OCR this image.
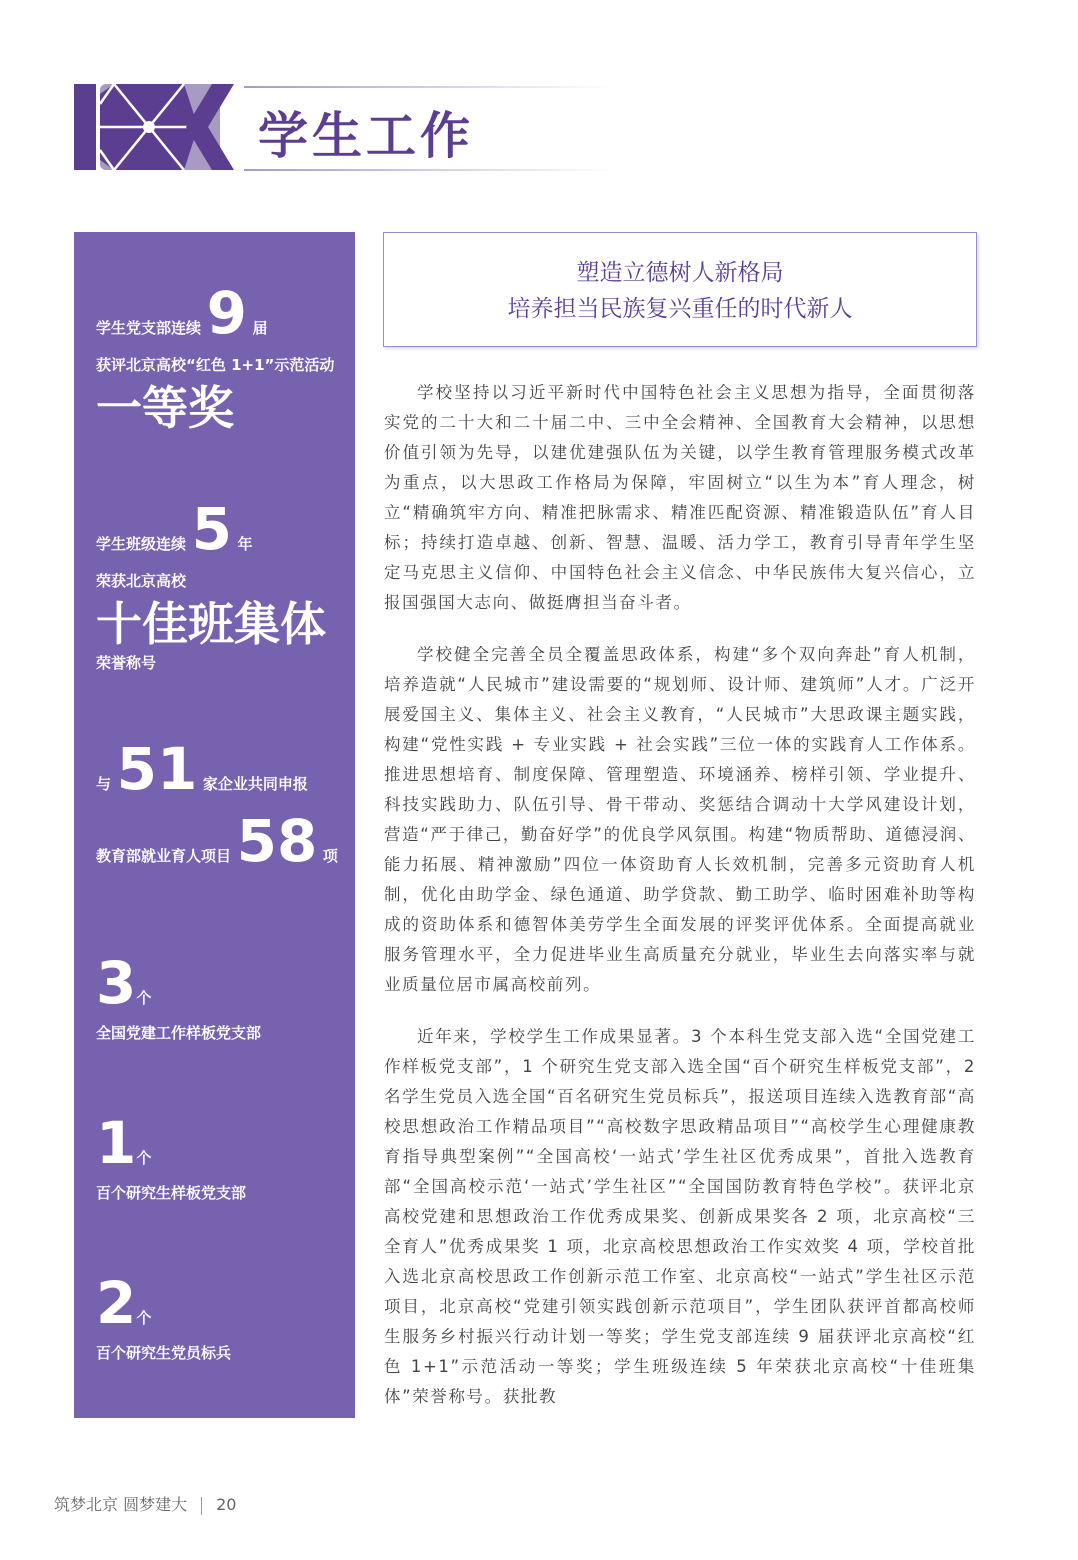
学生工作
学生党支部连续 9 届
获评北京高校“红色 1+1”示范活动
一等奖
学生班级连续 5 年
荣获北京高校
十佳班集体
荣誉称号
与 51 家企业共同申报
教育部就业育人项目 58 项
3个
全国党建工作样板党支部
1个
百个研究生样板党支部
2个
百个研究生党员标兵
塑造立德树人新格局
培养担当民族复兴重任的时代新人

学校坚持以习近平新时代中国特色社会主义思想为指导，全面贯彻落实党的二十大和二十届二中、三中全会精神、全国教育大会精神，以思想价值引领为先导，以建优建强队伍为关键，以学生教育管理服务模式改革为重点，以大思政工作格局为保障，牢固树立“以生为本”育人理念，树立“精确筑牢方向、精准把脉需求、精准匹配资源、精准锻造队伍”育人目标；持续打造卓越、创新、智慧、温暖、活力学工，教育引导青年学生坚定马克思主义信仰、中国特色社会主义信念、中华民族伟大复兴信心，立报国强国大志向、做挺膺担当奋斗者。

学校健全完善全员全覆盖思政体系，构建“多个双向奔赴”育人机制，培养造就“人民城市”建设需要的“规划师、设计师、建筑师”人才。广泛开展爱国主义、集体主义、社会主义教育，“人民城市”大思政课主题实践，构建“党性实践 + 专业实践 + 社会实践”三位一体的实践育人工作体系。推进思想培育、制度保障、管理塑造、环境涵养、榜样引领、学业提升、科技实践助力、队伍引导、骨干带动、奖惩结合调动十大学风建设计划，营造“严于律己，勤奋好学”的优良学风氛围。构建“物质帮助、道德浸润、能力拓展、精神激励”四位一体资助育人长效机制，完善多元资助育人机制，优化由助学金、绿色通道、助学贷款、勤工助学、临时困难补助等构成的资助体系和德智体美劳学生全面发展的评奖评优体系。全面提高就业服务管理水平，全力促进毕业生高质量充分就业，毕业生去向落实率与就业质量位居市属高校前列。

近年来，学校学生工作成果显著。3 个本科生党支部入选“全国党建工作样板党支部”，1 个研究生党支部入选全国“百个研究生样板党支部”，2 名学生党员入选全国“百名研究生党员标兵”，报送项目连续入选教育部“高校思想政治工作精品项目”“高校数字思政精品项目”“高校学生心理健康教育指导典型案例”“全国高校‘一站式’学生社区优秀成果”，首批入选教育部“全国高校示范‘一站式’学生社区”“全国国防教育特色学校”。获评北京高校党建和思想政治工作优秀成果奖、创新成果奖各 2 项，北京高校“三全育人”优秀成果奖 1 项，北京高校思想政治工作实效奖 4 项，学校首批入选北京高校思政工作创新示范工作室、北京高校“一站式”学生社区示范项目，北京高校“党建引领实践创新示范项目”，学生团队获评首都高校师生服务乡村振兴行动计划一等奖；学生党支部连续 9 届获评北京高校“红色 1+1”示范活动一等奖；学生班级连续 5 年荣获北京高校“十佳班集体”荣誉称号。获批教

筑梦北京 圆梦建大 20
